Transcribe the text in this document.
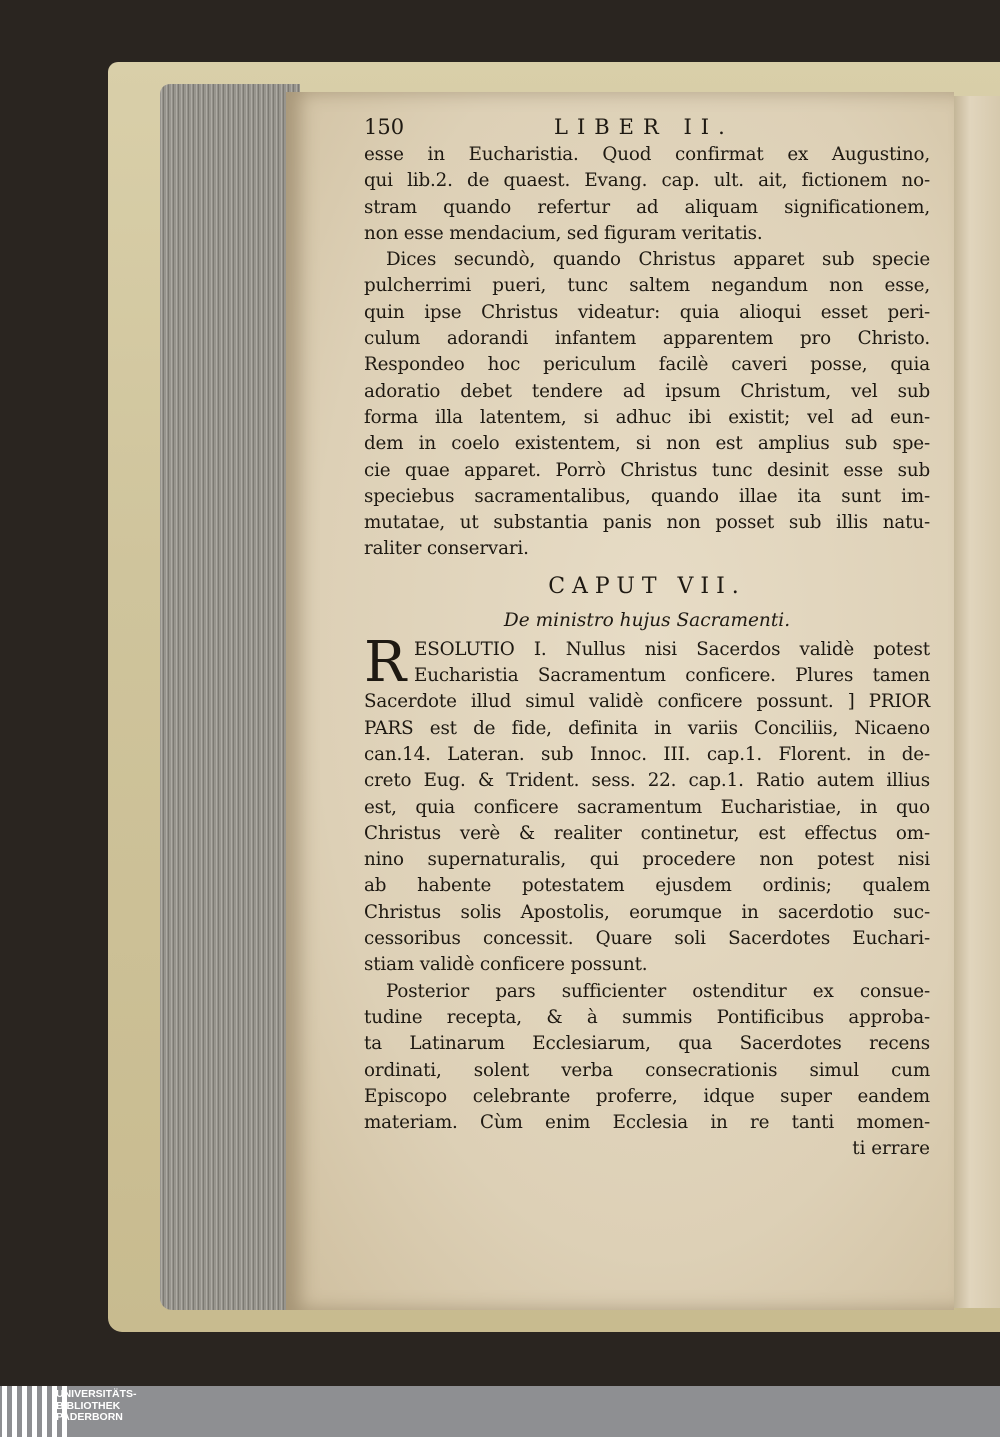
150	LIBER II.
esse in Eucharistia. Quod confirmat ex Augustino,
qui lib.2. de quaest. Evang. cap. ult. ait, fictionem no-
stram quando refertur ad aliquam significationem,
non esse mendacium, sed figuram veritatis.
Dices secundò, quando Christus apparet sub specie
pulcherrimi pueri, tunc saltem negandum non esse,
quin ipse Christus videatur: quia alioqui esset peri-
culum adorandi infantem apparentem pro Christo.
Respondeo hoc periculum facilè caveri posse, quia
adoratio debet tendere ad ipsum Christum, vel sub
forma illa latentem, si adhuc ibi existit; vel ad eun-
dem in coelo existentem, si non est amplius sub spe-
cie quae apparet. Porrò Christus tunc desinit esse sub
speciebus sacramentalibus, quando illae ita sunt im-
mutatae, ut substantia panis non posset sub illis natu-
raliter conservari.
CAPUT VII.
De ministro hujus Sacramenti.
R ESOLUTIO I. Nullus nisi Sacerdos validè potest
Eucharistia Sacramentum conficere. Plures tamen
Sacerdote illud simul validè conficere possunt. ] PRIOR
PARS est de fide, definita in variis Conciliis, Nicaeno
can.14. Lateran. sub Innoc. III. cap.1. Florent. in de-
creto Eug. & Trident. sess. 22. cap.1. Ratio autem illius
est, quia conficere sacramentum Eucharistiae, in quo
Christus verè & realiter continetur, est effectus om-
nino supernaturalis, qui procedere non potest nisi
ab habente potestatem ejusdem ordinis; qualem
Christus solis Apostolis, eorumque in sacerdotio suc-
cessoribus concessit. Quare soli Sacerdotes Euchari-
stiam validè conficere possunt.
Posterior pars sufficienter ostenditur ex consue-
tudine recepta, & à summis Pontificibus approba-
ta Latinarum Ecclesiarum, qua Sacerdotes recens
ordinati, solent verba consecrationis simul cum
Episcopo celebrante proferre, idque super eandem
materiam. Cùm enim Ecclesia in re tanti momen-
ti errare
UNIVERSITÄTS-
BIBLIOTHEK
PADERBORN
